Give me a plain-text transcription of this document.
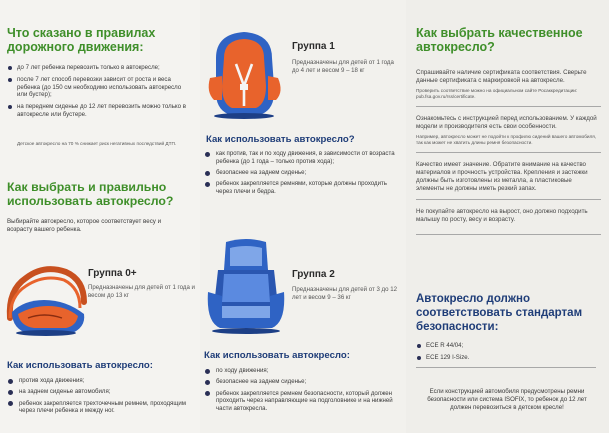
Что сказано в правилах дорожного движения:
до 7 лет ребенка перевозить только в автокресле;
после 7 лет способ перевозки зависит от роста и веса ребенка (до 150 см необходимо использовать автокресло или бустер);
на переднем сиденье до 12 лет перевозить можно только в автокресле или бустере.
Детское автокресло на 70 % снижает риск негативных последствий ДТП.
Как выбрать и правильно использовать автокресло?
Выбирайте автокресло, которое соответствует весу и возрасту вашего ребенка.
Группа 0+
Предназначены для детей от 1 года и весом до 13 кг
Как использовать автокресло:
против хода движения;
на заднем сиденье автомобиля;
ребенок закрепляется трехточечным ремнем, проходящим через плечи ребенка и между ног.
Группа 1
Предназначены для детей от 1 года до 4 лет и весом 9 – 18 кг
Как использовать автокресло?
как против, так и по ходу движения, в зависимости от возраста ребенка (до 1 года – только против хода);
безопаснее на заднем сиденье;
ребенок закрепляется ремнями, которые должны проходить через плечи и бедра.
Группа 2
Предназначены для детей от 3 до 12 лет и весом 9 – 36 кг
Как использовать автокресло:
по ходу движения;
безопаснее на заднем сиденье;
ребенок закрепляется ремнем безопасности, который должен проходить через направляющие на подголовнике и на нижней части автокресла.
Как выбрать качественное автокресло?
Спрашивайте наличие сертификата соответствия. Сверьте данные сертификата с маркировкой на автокресле.
Проверить соответствие можно на официальном сайте Росаккредитации: pub.fsa.gov.ru/rss/certificate.
Ознакомьтесь с инструкцией перед использованием. У каждой модели и производителя есть свои особенности.
Например, автокресло может не подойти к профилю сидений вашего автомобиля, так как может не хватить длины ремня безопасности.
Качество имеет значение. Обратите внимание на качество материалов и прочность устройства. Крепления и застежки должны быть изготовлены из металла, а пластиковые элементы не должны иметь резкий запах.
Не покупайте автокресло на вырост, оно должно подходить малышу по росту, весу и возрасту.
Автокресло должно соответствовать стандартам безопасности:
ЕСЕ R 44/04;
ЕСЕ 129 I-Size.
Если конструкцией автомобиля предусмотрены ремни безопасности или система ISOFIX, то ребенок до 12 лет должен перевозиться в детском кресле!
